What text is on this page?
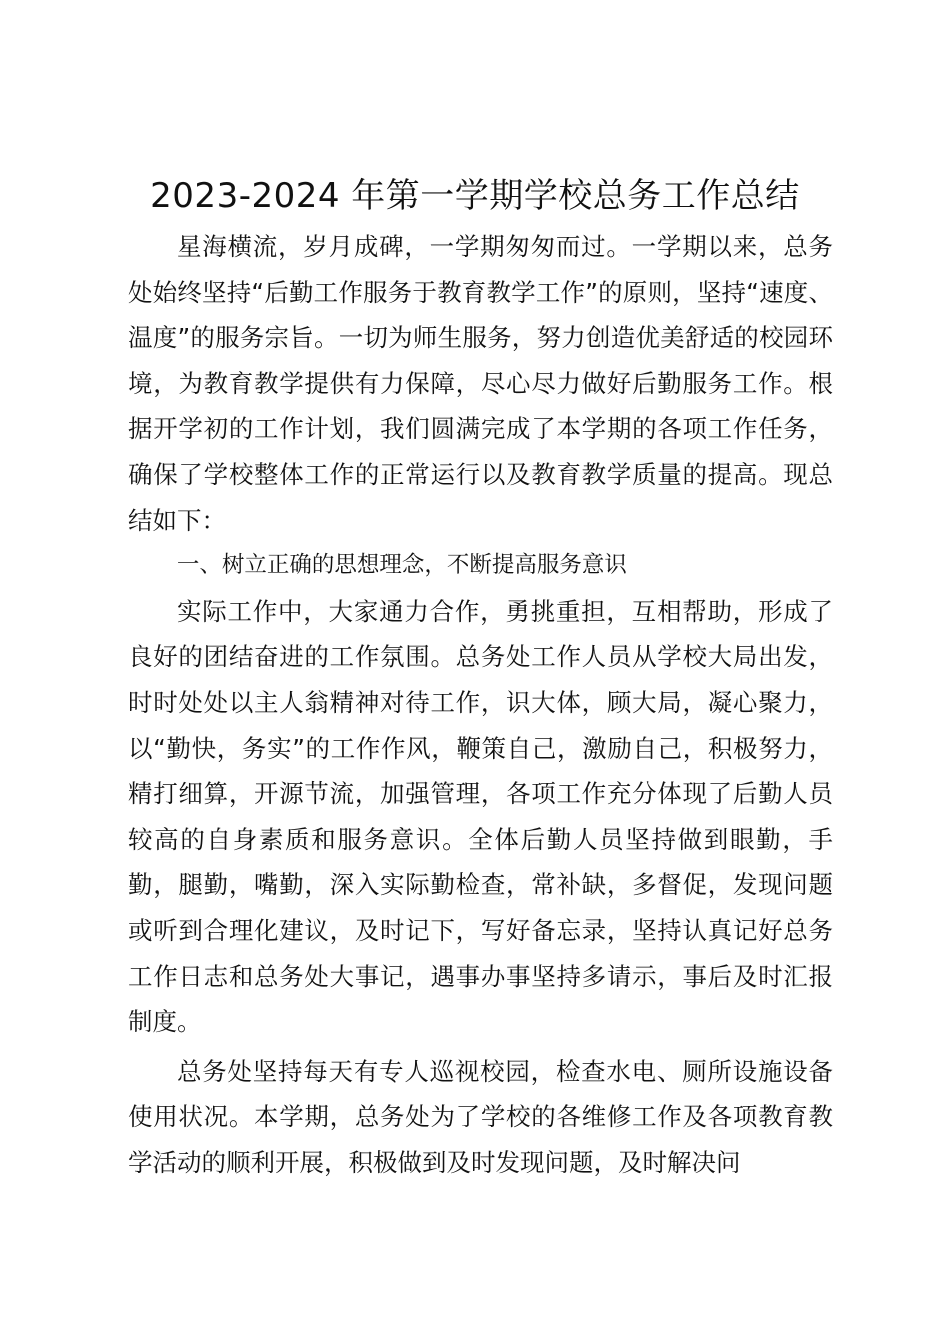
2023-2024 年第一学期学校总务工作总结

星海横流，岁月成碑，一学期匆匆而过。一学期以来，总务处始终坚持“后勤工作服务于教育教学工作”的原则，坚持“速度、温度”的服务宗旨。一切为师生服务，努力创造优美舒适的校园环境，为教育教学提供有力保障，尽心尽力做好后勤服务工作。根据开学初的工作计划，我们圆满完成了本学期的各项工作任务，确保了学校整体工作的正常运行以及教育教学质量的提高。现总结如下：

一、树立正确的思想理念，不断提高服务意识

实际工作中，大家通力合作，勇挑重担，互相帮助，形成了良好的团结奋进的工作氛围。总务处工作人员从学校大局出发，时时处处以主人翁精神对待工作，识大体，顾大局，凝心聚力，以“勤快，务实”的工作作风，鞭策自己，激励自己，积极努力，精打细算，开源节流，加强管理，各项工作充分体现了后勤人员较高的自身素质和服务意识。全体后勤人员坚持做到眼勤，手勤，腿勤，嘴勤，深入实际勤检查，常补缺，多督促，发现问题或听到合理化建议，及时记下，写好备忘录，坚持认真记好总务工作日志和总务处大事记，遇事办事坚持多请示，事后及时汇报制度。

总务处坚持每天有专人巡视校园，检查水电、厕所设施设备使用状况。本学期，总务处为了学校的各维修工作及各项教育教学活动的顺利开展，积极做到及时发现问题，及时解决问
